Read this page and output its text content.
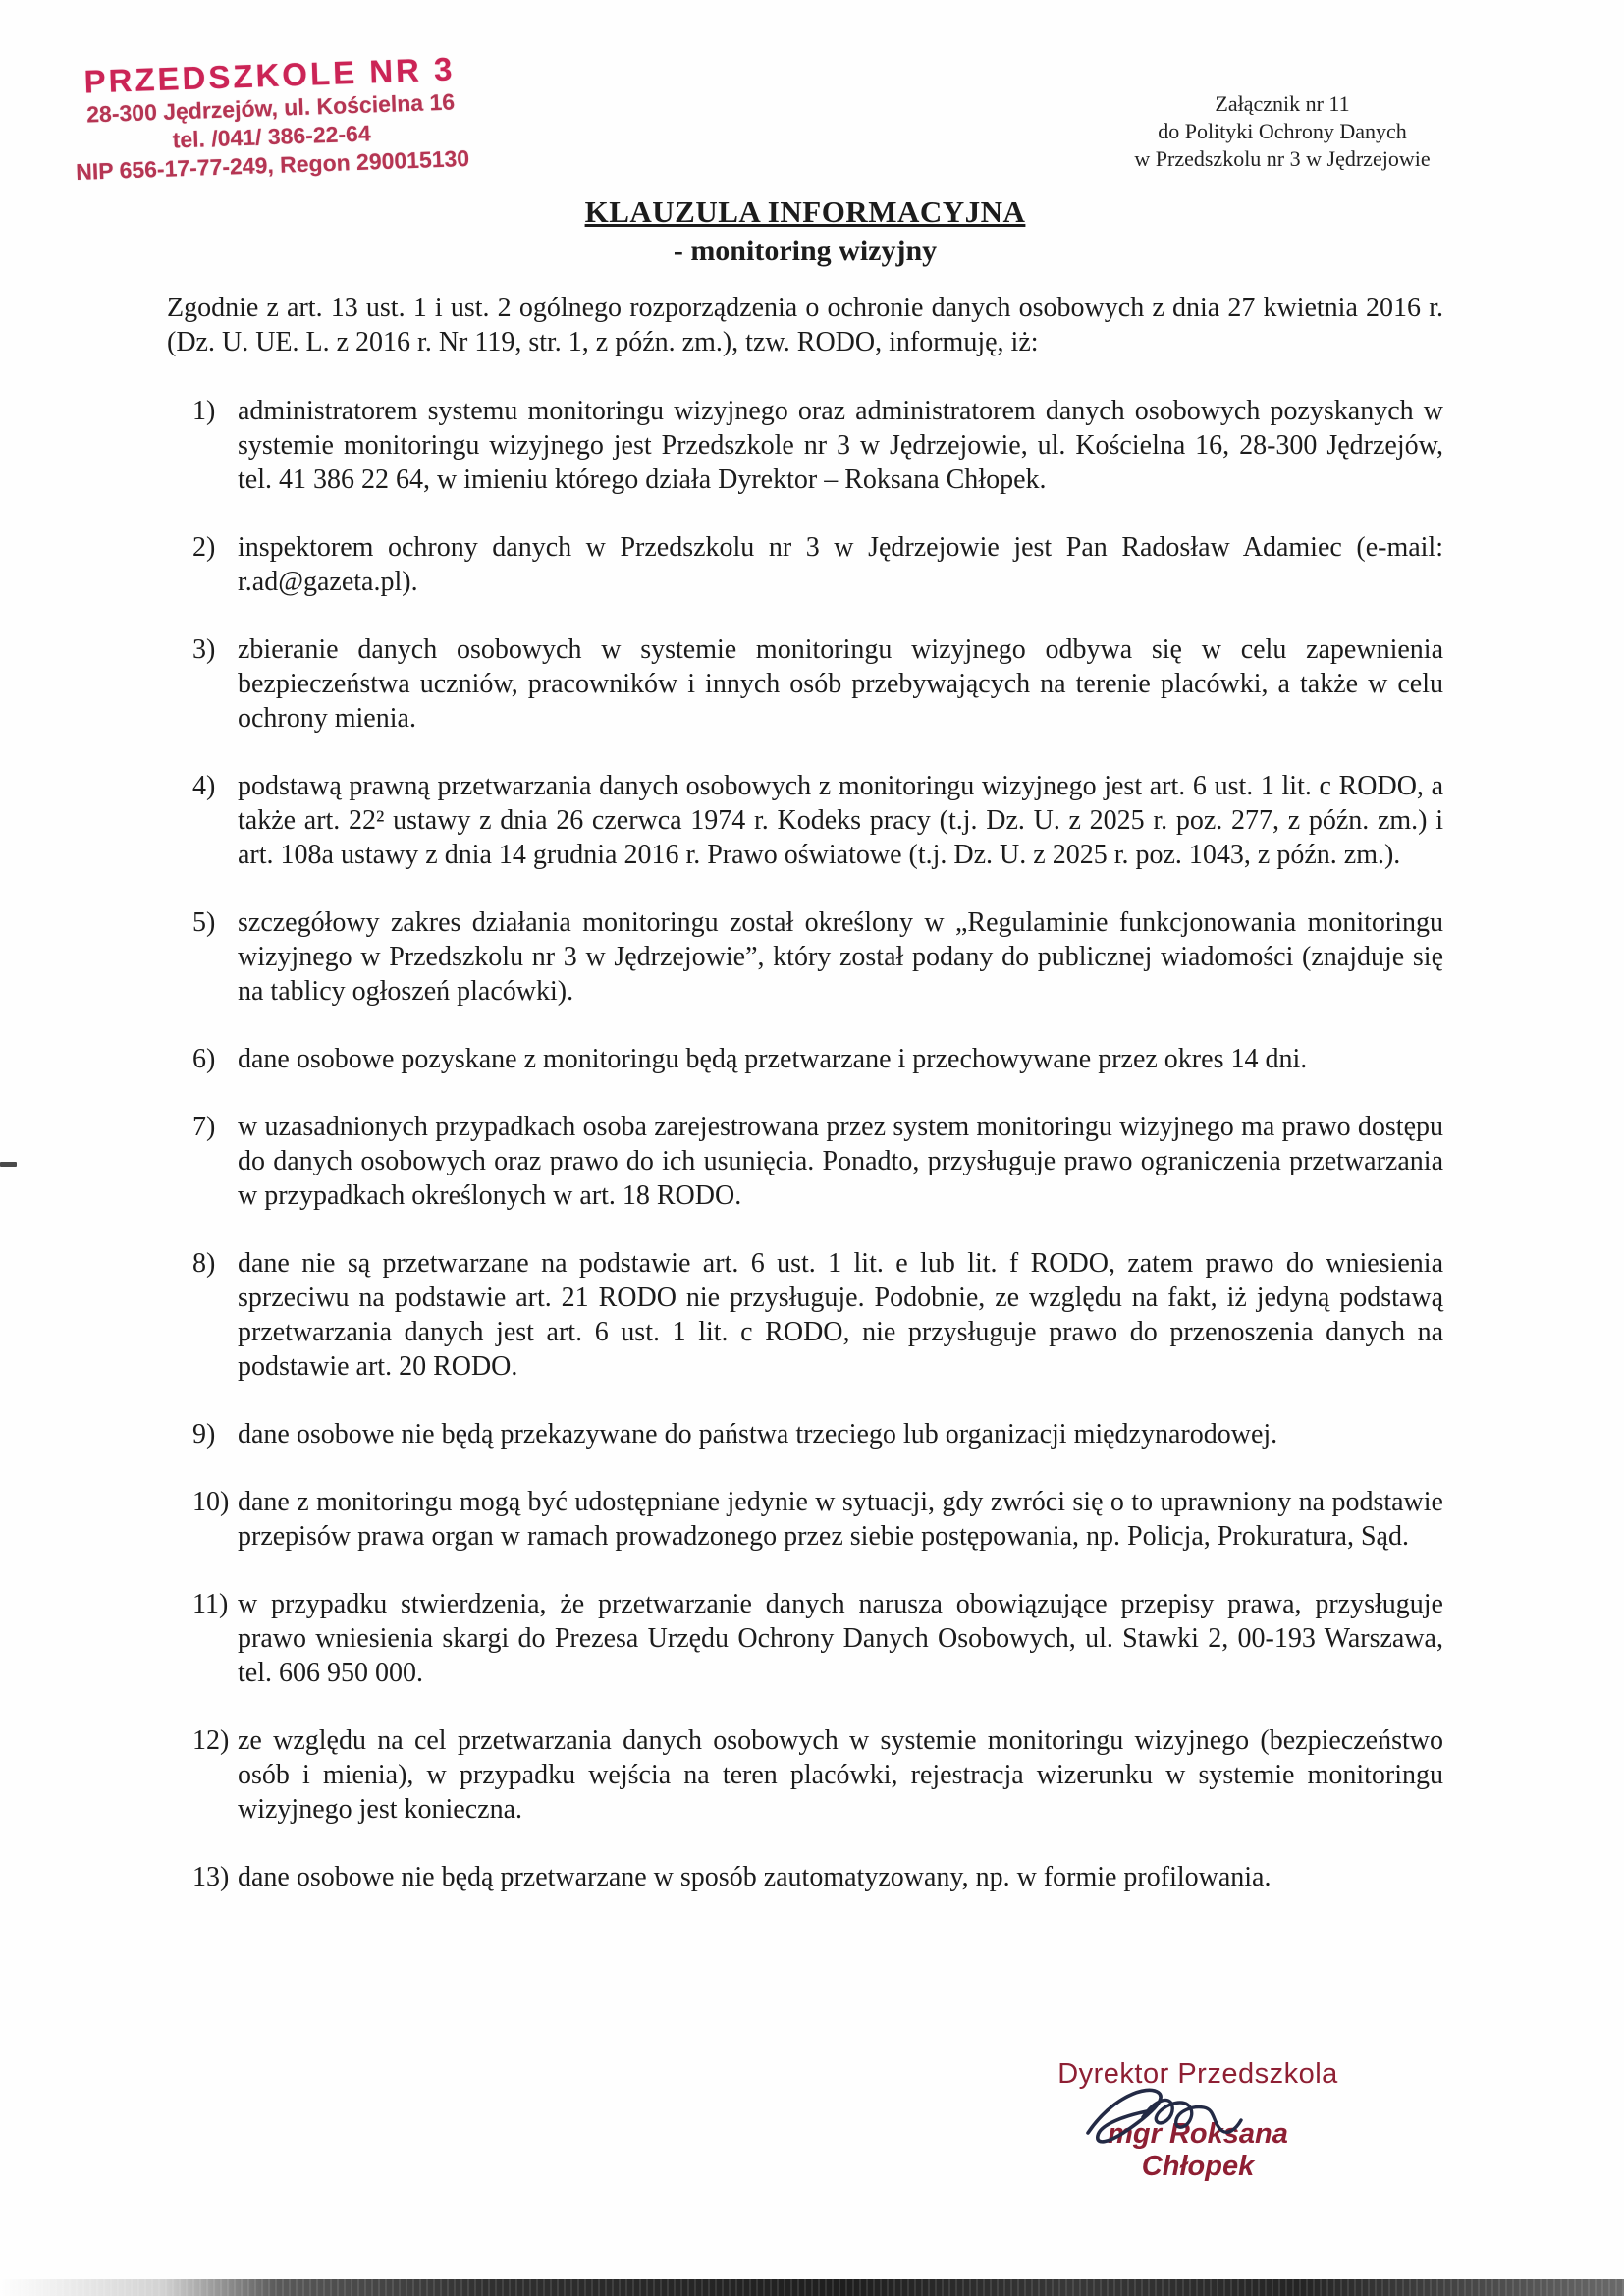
PRZEDSZKOLE NR 3
28-300 Jędrzejów, ul. Kościelna 16
tel. /041/ 386-22-64
NIP 656-17-77-249, Regon 290015130
Załącznik nr 11
do Polityki Ochrony Danych
w Przedszkolu nr 3 w Jędrzejowie
KLAUZULA INFORMACYJNA
- monitoring wizyjny

Zgodnie z art. 13 ust. 1 i ust. 2 ogólnego rozporządzenia o ochronie danych osobowych z dnia 27 kwietnia 2016 r. (Dz. U. UE. L. z 2016 r. Nr 119, str. 1, z późn. zm.), tzw. RODO, informuję, iż:

1) administratorem systemu monitoringu wizyjnego oraz administratorem danych osobowych pozyskanych w systemie monitoringu wizyjnego jest Przedszkole nr 3 w Jędrzejowie, ul. Kościelna 16, 28-300 Jędrzejów, tel. 41 386 22 64, w imieniu którego działa Dyrektor – Roksana Chłopek.
2) inspektorem ochrony danych w Przedszkolu nr 3 w Jędrzejowie jest Pan Radosław Adamiec (e-mail: r.ad@gazeta.pl).
3) zbieranie danych osobowych w systemie monitoringu wizyjnego odbywa się w celu zapewnienia bezpieczeństwa uczniów, pracowników i innych osób przebywających na terenie placówki, a także w celu ochrony mienia.
4) podstawą prawną przetwarzania danych osobowych z monitoringu wizyjnego jest art. 6 ust. 1 lit. c RODO, a także art. 22² ustawy z dnia 26 czerwca 1974 r. Kodeks pracy (t.j. Dz. U. z 2025 r. poz. 277, z późn. zm.) i art. 108a ustawy z dnia 14 grudnia 2016 r. Prawo oświatowe (t.j. Dz. U. z 2025 r. poz. 1043, z późn. zm.).
5) szczegółowy zakres działania monitoringu został określony w „Regulaminie funkcjonowania monitoringu wizyjnego w Przedszkolu nr 3 w Jędrzejowie”, który został podany do publicznej wiadomości (znajduje się na tablicy ogłoszeń placówki).
6) dane osobowe pozyskane z monitoringu będą przetwarzane i przechowywane przez okres 14 dni.
7) w uzasadnionych przypadkach osoba zarejestrowana przez system monitoringu wizyjnego ma prawo dostępu do danych osobowych oraz prawo do ich usunięcia. Ponadto, przysługuje prawo ograniczenia przetwarzania w przypadkach określonych w art. 18 RODO.
8) dane nie są przetwarzane na podstawie art. 6 ust. 1 lit. e lub lit. f RODO, zatem prawo do wniesienia sprzeciwu na podstawie art. 21 RODO nie przysługuje. Podobnie, ze względu na fakt, iż jedyną podstawą przetwarzania danych jest art. 6 ust. 1 lit. c RODO, nie przysługuje prawo do przenoszenia danych na podstawie art. 20 RODO.
9) dane osobowe nie będą przekazywane do państwa trzeciego lub organizacji międzynarodowej.
10) dane z monitoringu mogą być udostępniane jedynie w sytuacji, gdy zwróci się o to uprawniony na podstawie przepisów prawa organ w ramach prowadzonego przez siebie postępowania, np. Policja, Prokuratura, Sąd.
11) w przypadku stwierdzenia, że przetwarzanie danych narusza obowiązujące przepisy prawa, przysługuje prawo wniesienia skargi do Prezesa Urzędu Ochrony Danych Osobowych, ul. Stawki 2, 00-193 Warszawa, tel. 606 950 000.
12) ze względu na cel przetwarzania danych osobowych w systemie monitoringu wizyjnego (bezpieczeństwo osób i mienia), w przypadku wejścia na teren placówki, rejestracja wizerunku w systemie monitoringu wizyjnego jest konieczna.
13) dane osobowe nie będą przetwarzane w sposób zautomatyzowany, np. w formie profilowania.
Dyrektor Przedszkola
mgr Roksana Chłopek
